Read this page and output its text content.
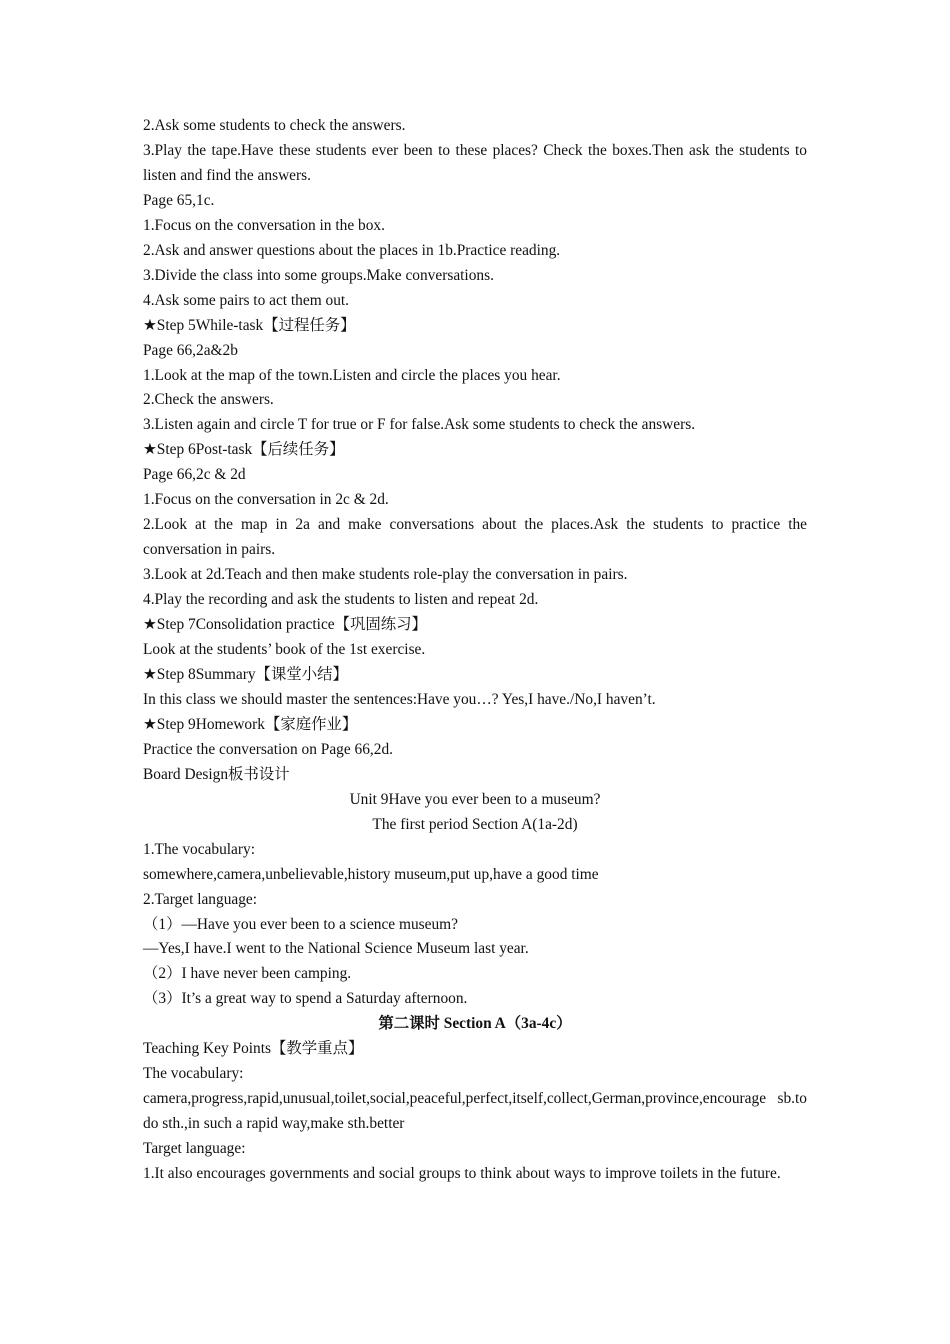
2.Ask some students to check the answers.

3.Play the tape.Have these students ever been to these places? Check the boxes.Then ask the students to listen and find the answers.

Page 65,1c.

1.Focus on the conversation in the box.

2.Ask and answer questions about the places in 1b.Practice reading.

3.Divide the class into some groups.Make conversations.

4.Ask some pairs to act them out.

★Step 5While-task【过程任务】

Page 66,2a&2b

1.Look at the map of the town.Listen and circle the places you hear.

2.Check the answers.

3.Listen again and circle T for true or F for false.Ask some students to check the answers.

★Step 6Post-task【后续任务】

Page 66,2c & 2d

1.Focus on the conversation in 2c & 2d.

2.Look at the map in 2a and make conversations about the places.Ask the students to practice the conversation in pairs.

3.Look at 2d.Teach and then make students role-play the conversation in pairs.

4.Play the recording and ask the students to listen and repeat 2d.

★Step 7Consolidation practice【巩固练习】

Look at the students’ book of the 1st exercise.

★Step 8Summary【课堂小结】

In this class we should master the sentences:Have you…? Yes,I have./No,I haven’t.

★Step 9Homework【家庭作业】

Practice the conversation on Page 66,2d.

Board Design板书设计

Unit 9Have you ever been to a museum?

The first period Section A(1a-2d)

1.The vocabulary:

somewhere,camera,unbelievable,history museum,put up,have a good time

2.Target language:

（1）—Have you ever been to a science museum?

—Yes,I have.I went to the National Science Museum last year.

（2）I have never been camping.

（3）It’s a great way to spend a Saturday afternoon.

第二课时 Section A（3a-4c）

Teaching Key Points【教学重点】

The vocabulary:

camera,progress,rapid,unusual,toilet,social,peaceful,perfect,itself,collect,German,province,encourage sb.to do sth.,in such a rapid way,make sth.better

Target language:

1.It also encourages governments and social groups to think about ways to improve toilets in the future.
